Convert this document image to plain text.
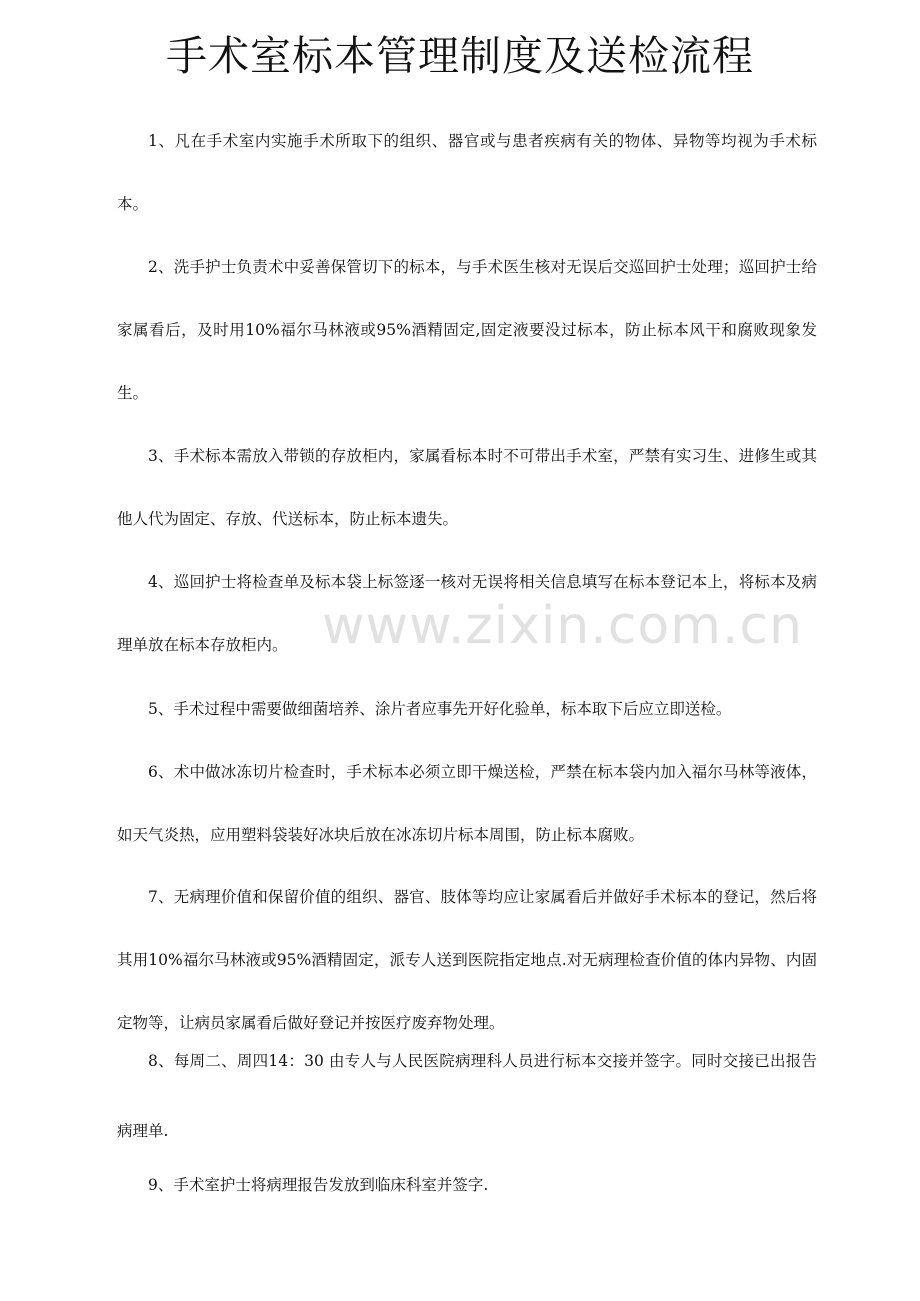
www.zixin.com.cn
手术室标本管理制度及送检流程

1、凡在手术室内实施手术所取下的组织、器官或与患者疾病有关的物体、异物等均视为手术标本。

2、洗手护士负责术中妥善保管切下的标本，与手术医生核对无误后交巡回护士处理；巡回护士给家属看后，及时用10%福尔马林液或95%酒精固定,固定液要没过标本，防止标本风干和腐败现象发生。

3、手术标本需放入带锁的存放柜内，家属看标本时不可带出手术室，严禁有实习生、进修生或其他人代为固定、存放、代送标本，防止标本遗失。

4、巡回护士将检查单及标本袋上标签逐一核对无误将相关信息填写在标本登记本上，将标本及病理单放在标本存放柜内。

5、手术过程中需要做细菌培养、涂片者应事先开好化验单，标本取下后应立即送检。

6、术中做冰冻切片检查时，手术标本必须立即干燥送检，严禁在标本袋内加入福尔马林等液体，如天气炎热，应用塑料袋装好冰块后放在冰冻切片标本周围，防止标本腐败。

7、无病理价值和保留价值的组织、器官、肢体等均应让家属看后并做好手术标本的登记，然后将其用10%福尔马林液或95%酒精固定，派专人送到医院指定地点.对无病理检查价值的体内异物、内固定物等，让病员家属看后做好登记并按医疗废弃物处理。

8、每周二、周四14：30 由专人与人民医院病理科人员进行标本交接并签字。同时交接已出报告病理单.

9、手术室护士将病理报告发放到临床科室并签字.
